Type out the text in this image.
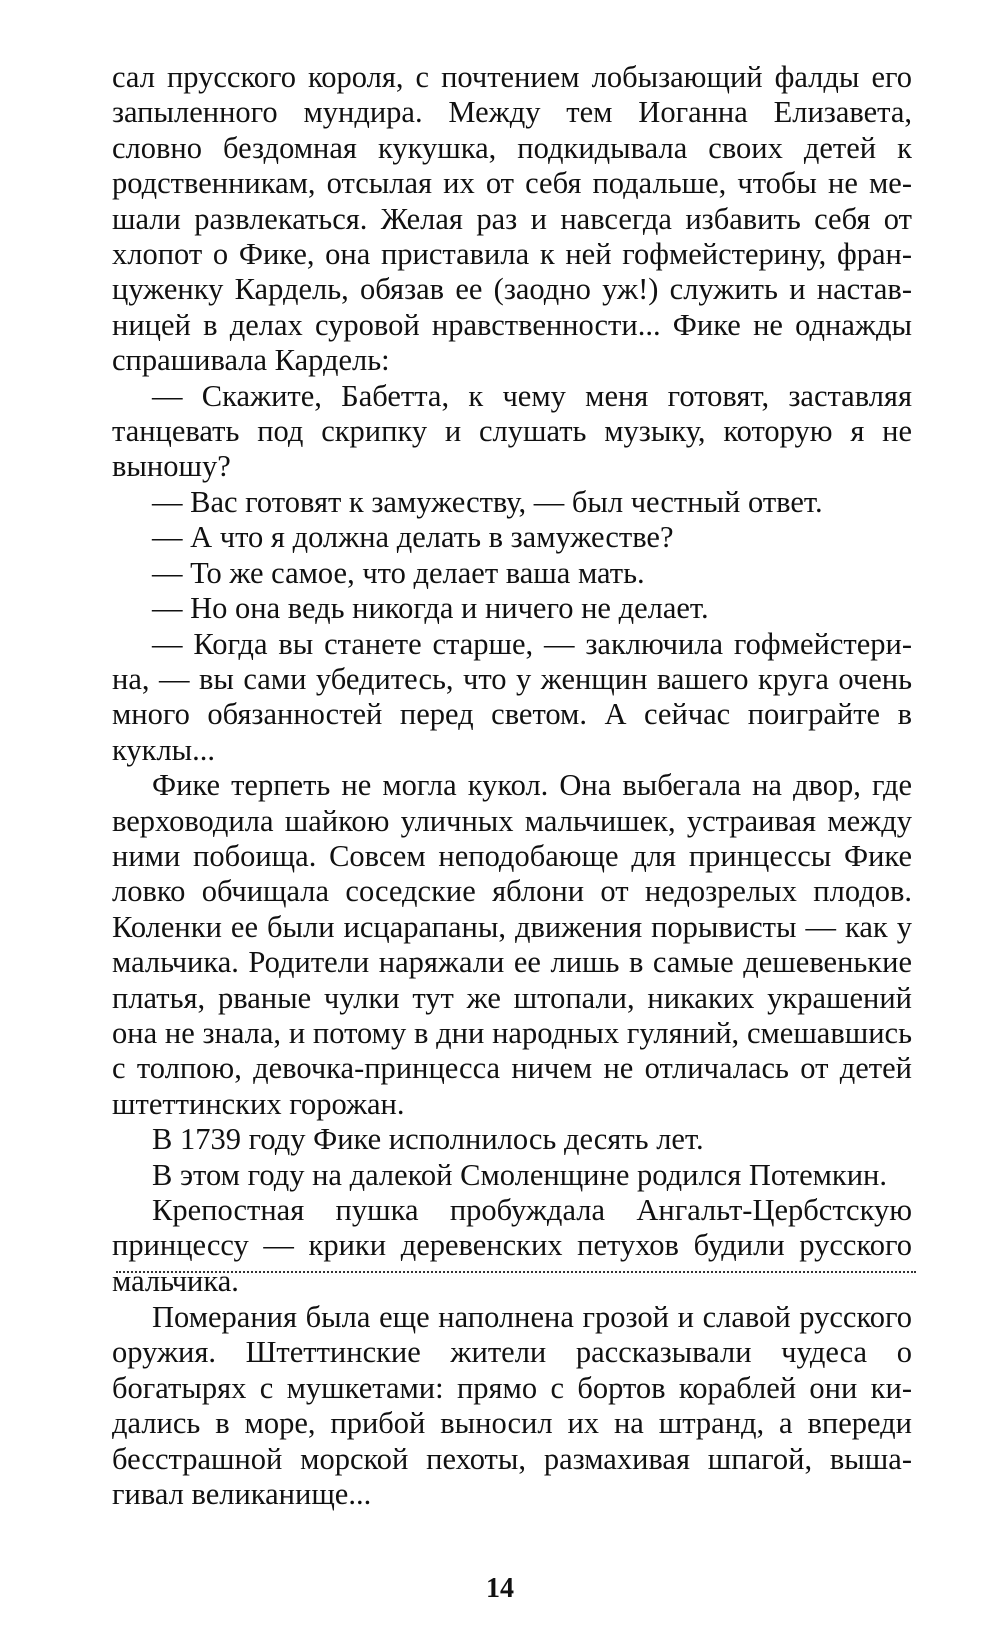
сал прусского короля, с почтением лобызающий фалды его запыленного мундира. Между тем Иоганна Елизавета, словно бездомная кукушка, подкидывала своих детей к родственникам, отсылая их от себя подальше, чтобы не мешали развлекаться. Желая раз и навсегда избавить себя от хлопот о Фике, она приставила к ней гофмейстерину, француженку Кардель, обязав ее (заодно уж!) служить и наставницей в делах суровой нравственности... Фике не однажды спрашивала Кардель:

— Скажите, Бабетта, к чему меня готовят, заставляя танцевать под скрипку и слушать музыку, которую я не выношу?

— Вас готовят к замужеству, — был честный ответ.

— А что я должна делать в замужестве?

— То же самое, что делает ваша мать.

— Но она ведь никогда и ничего не делает.

— Когда вы станете старше, — заключила гофмейстерина, — вы сами убедитесь, что у женщин вашего круга очень много обязанностей перед светом. А сейчас поиграйте в куклы...

Фике терпеть не могла кукол. Она выбегала на двор, где верховодила шайкою уличных мальчишек, устраивая между ними побоища. Совсем неподобающе для принцессы Фике ловко обчищала соседские яблони от недозрелых плодов. Коленки ее были исцарапаны, движения порывисты — как у мальчика. Родители наряжали ее лишь в самые дешевенькие платья, рваные чулки тут же штопали, никаких украшений она не знала, и потому в дни народных гуляний, смешавшись с толпою, девочка-принцесса ничем не отличалась от детей штеттинских горожан.

В 1739 году Фике исполнилось десять лет.

В этом году на далекой Смоленщине родился Потемкин.

Крепостная пушка пробуждала Ангальт-Цербстскую принцессу — крики деревенских петухов будили русского мальчика.

Померания была еще наполнена грозой и славой русского оружия. Штеттинские жители рассказывали чудеса о богатырях с мушкетами: прямо с бортов кораблей они кидались в море, прибой выносил их на штранд, а впереди бесстрашной морской пехоты, размахивая шпагой, вышагивал великанище...

14
